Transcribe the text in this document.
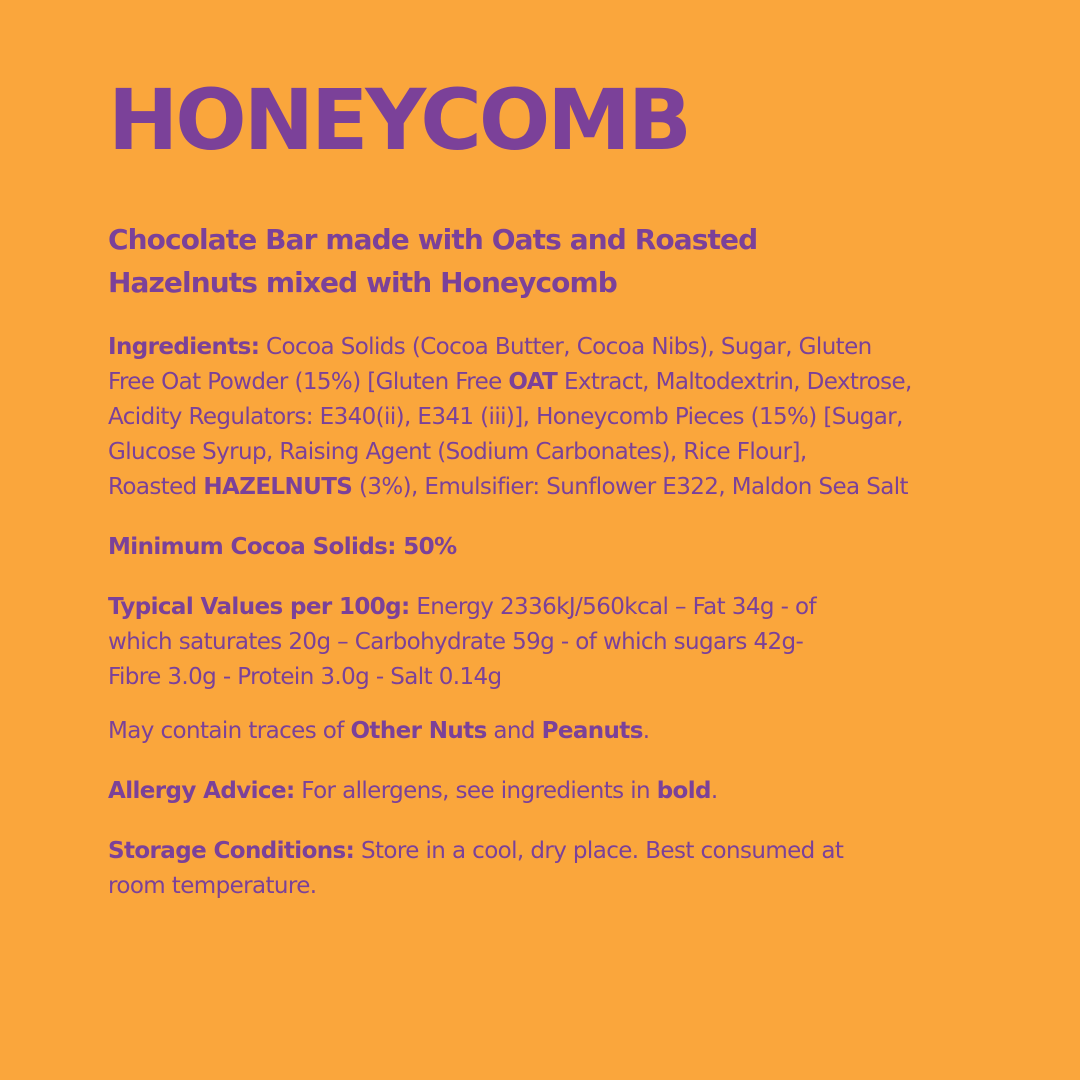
HONEYCOMB
Chocolate Bar made with Oats and Roasted
Hazelnuts mixed with Honeycomb

Ingredients: Cocoa Solids (Cocoa Butter, Cocoa Nibs), Sugar, Gluten
Free Oat Powder (15%) [Gluten Free OAT Extract, Maltodextrin, Dextrose,
Acidity Regulators: E340(ii), E341 (iii)], Honeycomb Pieces (15%) [Sugar,
Glucose Syrup, Raising Agent (Sodium Carbonates), Rice Flour],
Roasted HAZELNUTS (3%), Emulsifier: Sunflower E322, Maldon Sea Salt

Minimum Cocoa Solids: 50%

Typical Values per 100g: Energy 2336kJ/560kcal – Fat 34g - of
which saturates 20g – Carbohydrate 59g - of which sugars 42g-
Fibre 3.0g - Protein 3.0g - Salt 0.14g

May contain traces of Other Nuts and Peanuts.

Allergy Advice: For allergens, see ingredients in bold.

Storage Conditions: Store in a cool, dry place. Best consumed at
room temperature.
